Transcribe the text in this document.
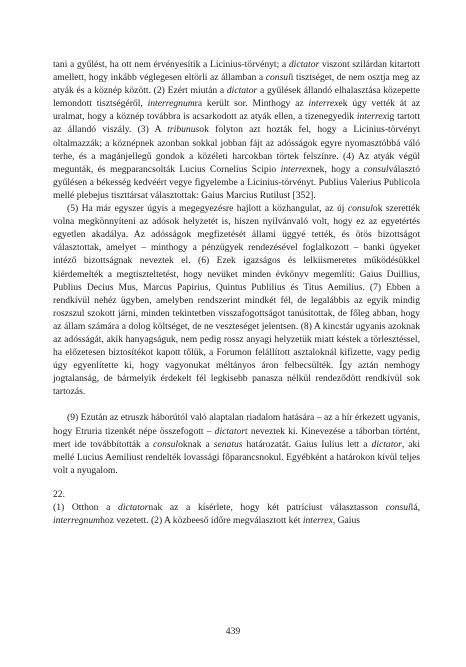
tani a gyűlést, ha ott nem érvényesítik a Licinius-törvényt; a dictator viszont szilárdan kitartott amellett, hogy inkább véglegesen eltörli az államban a consuli tisztséget, de nem osztja meg az atyák és a köznép között. (2) Ezért miután a dictator a gyűlések állandó elhalasztása közepette lemondott tisztségéről, interregnumra került sor. Minthogy az interrexek úgy vették át az uralmat, hogy a köznép továbbra is acsarkodott az atyák ellen, a tizenegyedik interrexig tartott az állandó viszály. (3) A tribunusok folyton azt hozták fel, hogy a Licinius-törvényt oltalmazzák; a köznépnek azonban sokkal jobban fájt az adósságok egyre nyomasztóbbá váló terhe, és a magánjellegű gondok a közéleti harcokban törtek felszínre. (4) Az atyák végül megunták, és megparancsolták Lucius Cornelius Scipio interrexnek, hogy a consulválasztó gyűlésen a békesség kedvéért vegye figyelembe a Licinius-törvényt. Publius Valerius Publicola mellé plebejus tiszttársat választottak: Gaius Marcius Rutilust [352].

(5) Ha már egyszer úgyis a megegyezésre hajlott a közhangulat, az új consulok szerették volna megkönnyíteni az adósok helyzetét is, hiszen nyilvánvaló volt, hogy ez az egyetértés egyetlen akadálya. Az adósságok megfizetését állami üggyé tették, és ötös bizottságot választottak, amelyet – minthogy a pénzügyek rendezésével foglalkozott – banki ügyeket intéző bizottságnak neveztek el. (6) Ezek igazságos és lelkiismeretes működésükkel kiérdemelték a megtiszteltetést, hogy nevüket minden évkönyv megemlíti: Gaius Duillius, Publius Decius Mus, Marcus Papirius, Quintus Publilius és Titus Aemilius. (7) Ebben a rendkívül nehéz ügyben, amelyben rendszerint mindkét fél, de legalábbis az egyik mindig roszszul szokott járni, minden tekintetben visszafogottságot tanúsítottak, de főleg abban, hogy az állam számára a dolog költséget, de ne veszteséget jelentsen. (8) A kincstár ugyanis azoknak az adósságát, akik hanyagságuk, nem pedig rossz anyagi helyzetük miatt késtek a törlesztéssel, ha előzetesen biztosítékot kapott tőlük, a Forumon felállított asztaloknál kifizette, vagy pedig úgy egyenlítette ki, hogy vagyonukat méltányos áron felbecsülték. Így aztán nemhogy jogtalanság, de bármelyik érdekelt fél legkisebb panasza nélkül rendeződött rendkívül sok tartozás.

(9) Ezután az etruszk háborútól való alaptalan riadalom hatására – az a hír érkezett ugyanis, hogy Etruria tizenkét népe összefogott – dictatort neveztek ki. Kinevezése a táborban történt, mert ide továbbították a consuloknak a senatus határozatát. Gaius Iulius lett a dictator, aki mellé Lucius Aemiliust rendelték lovassági főparancsnokul. Egyébként a határokon kívül teljes volt a nyugalom.

22.

(1) Otthon a dictatornak az a kísérlete, hogy két patríciust választasson consullá, interregnumhoz vezetett. (2) A közbeeső időre megválasztott két interrex, Gaius

439
